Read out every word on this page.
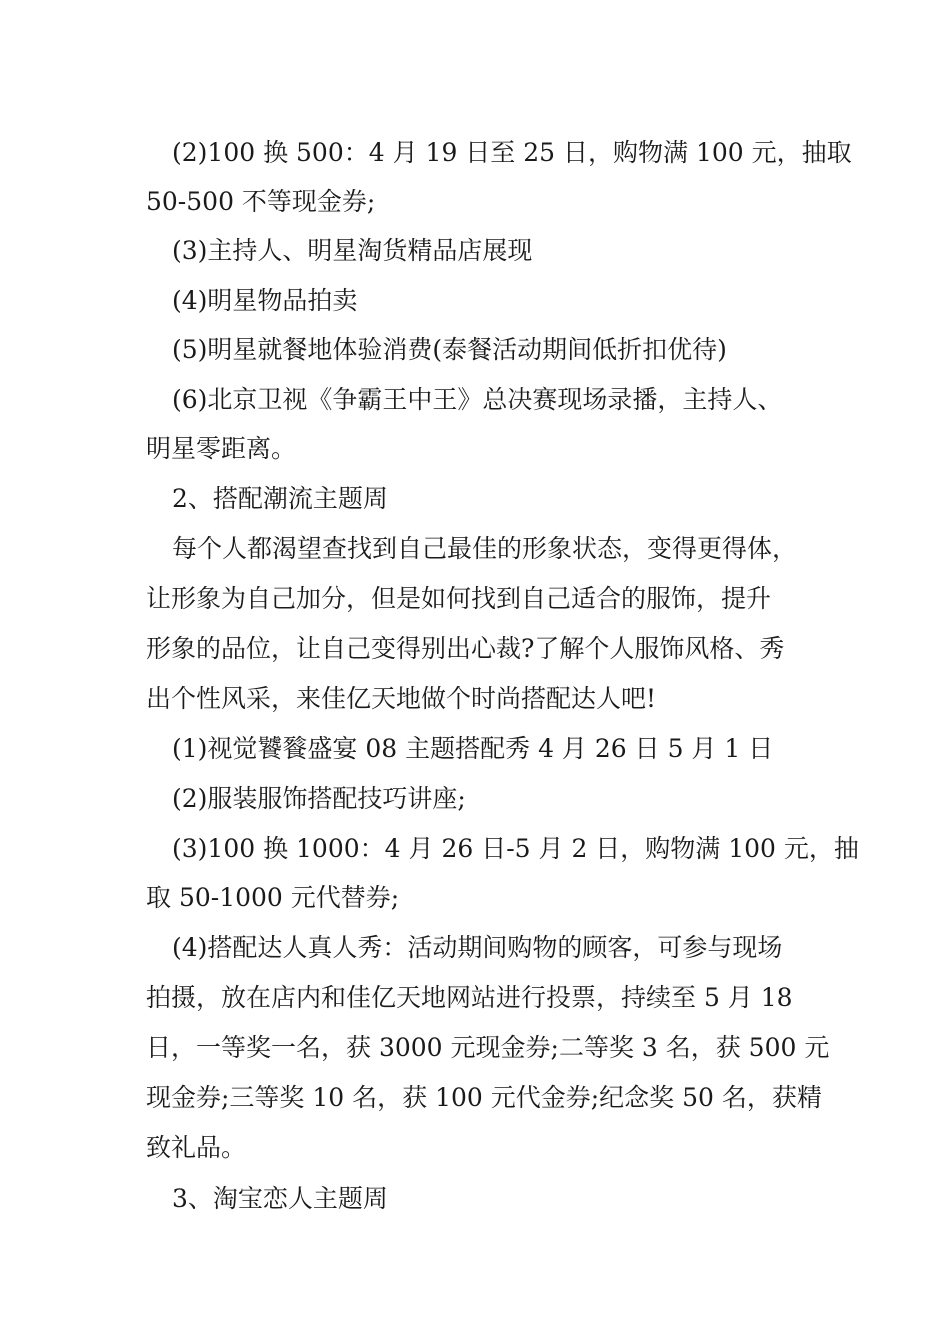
(2)100 换 500：4 月 19 日至 25 日，购物满 100 元，抽取
50-500 不等现金券;
(3)主持人、明星淘货精品店展现
(4)明星物品拍卖
(5)明星就餐地体验消费(泰餐活动期间低折扣优待)
(6)北京卫视《争霸王中王》总决赛现场录播，主持人、
明星零距离。
2、搭配潮流主题周
每个人都渴望查找到自己最佳的形象状态，变得更得体，
让形象为自己加分，但是如何找到自己适合的服饰，提升
形象的品位，让自己变得别出心裁?了解个人服饰风格、秀
出个性风采，来佳亿天地做个时尚搭配达人吧!
(1)视觉饕餮盛宴 08 主题搭配秀 4 月 26 日 5 月 1 日
(2)服装服饰搭配技巧讲座;
(3)100 换 1000：4 月 26 日-5 月 2 日，购物满 100 元，抽
取 50-1000 元代替券;
(4)搭配达人真人秀：活动期间购物的顾客，可参与现场
拍摄，放在店内和佳亿天地网站进行投票，持续至 5 月 18
日，一等奖一名，获 3000 元现金券;二等奖 3 名，获 500 元
现金券;三等奖 10 名，获 100 元代金券;纪念奖 50 名，获精
致礼品。
3、淘宝恋人主题周
